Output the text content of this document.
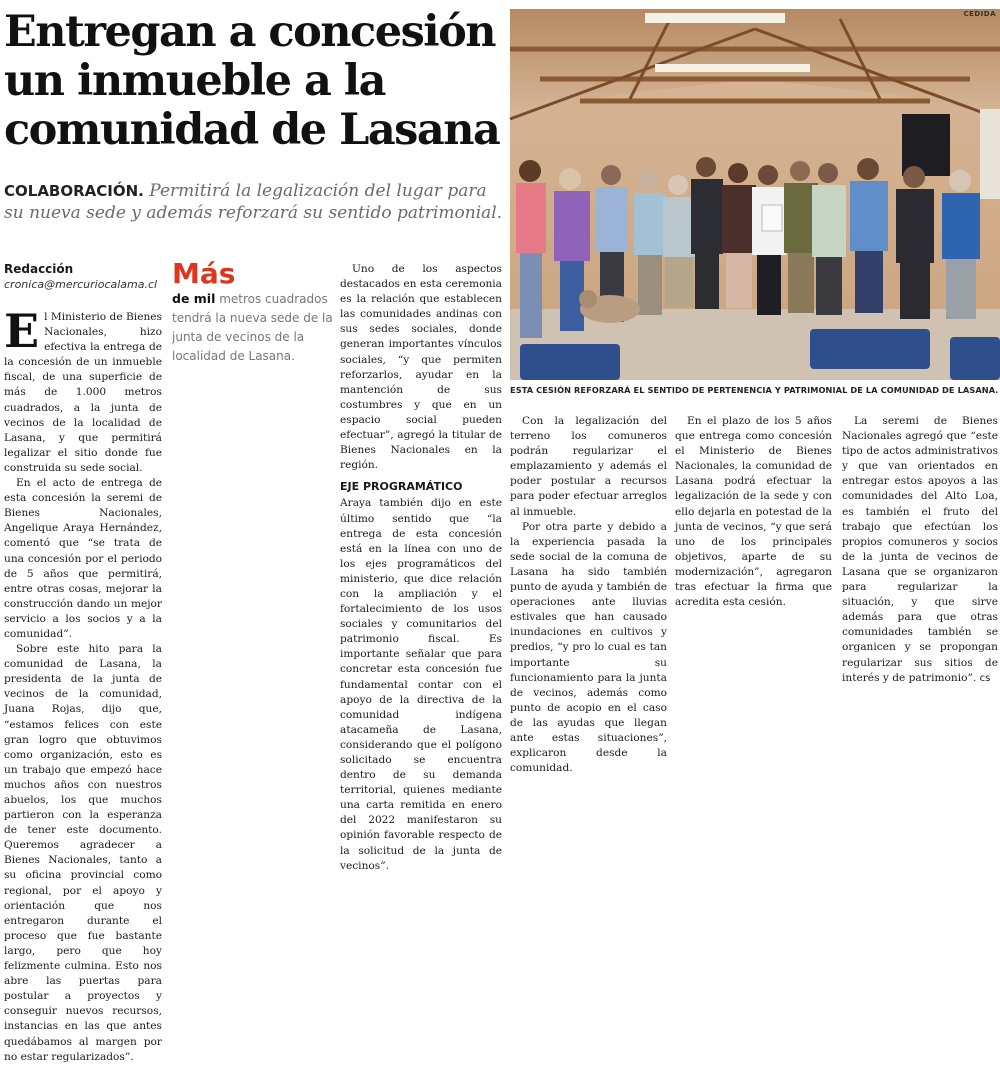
Entregan a concesión
un inmueble a la
comunidad de Lasana

COLABORACIÓN. Permitirá la legalización del lugar para su nueva sede y además reforzará su sentido patrimonial.

Redacción
cronica@mercuriocalama.cl Más
de mil metros cuadrados tendrá la nueva sede de la junta de vecinos de la localidad de Lasana.
CEDIDA
ESTA CESIÓN REFORZARÁ EL SENTIDO DE PERTENENCIA Y PATRIMONIAL DE LA COMUNIDAD DE LASANA.

El Ministerio de Bienes Nacionales, hizo efectiva la entrega de la concesión de un inmueble fiscal, de una superficie de más de 1.000 metros cuadrados, a la junta de vecinos de la localidad de Lasana, y que permitirá legalizar el sitio donde fue construida su sede social.

En el acto de entrega de esta concesión la seremi de Bienes Nacionales, Angelique Araya Hernández, comentó que “se trata de una concesión por el periodo de 5 años que permitirá, entre otras cosas, mejorar la construcción dando un mejor servicio a los socios y a la comunidad”.

Sobre este hito para la comunidad de Lasana, la presidenta de la junta de vecinos de la comunidad, Juana Rojas, dijo que, “estamos felices con este gran logro que obtuvimos como organización, esto es un trabajo que empezó hace muchos años con nuestros abuelos, los que muchos partieron con la esperanza de tener este documento. Queremos agradecer a Bienes Nacionales, tanto a su oficina provincial como regional, por el apoyo y orientación que nos entregaron durante el proceso que fue bastante largo, pero que hoy felizmente culmina. Esto nos abre las puertas para postular a proyectos y conseguir nuevos recursos, instancias en las que antes quedábamos al margen por no estar regularizados”.

Uno de los aspectos destacados en esta ceremonia es la relación que establecen las comunidades andinas con sus sedes sociales, donde generan importantes vínculos sociales, “y que permiten reforzarlos, ayudar en la mantención de sus costumbres y que en un espacio social pueden efectuar”, agregó la titular de Bienes Nacionales en la región.

EJE PROGRAMÁTICO

Araya también dijo en este último sentido que “la entrega de esta concesión está en la línea con uno de los ejes programáticos del ministerio, que dice relación con la ampliación y el fortalecimiento de los usos sociales y comunitarios del patrimonio fiscal. Es importante señalar que para concretar esta concesión fue fundamental contar con el apoyo de la directiva de la comunidad indígena atacameña de Lasana, considerando que el polígono solicitado se encuentra dentro de su demanda territorial, quienes mediante una carta remitida en enero del 2022 manifestaron su opinión favorable respecto de la solicitud de la junta de vecinos”.

Con la legalización del terreno los comuneros podrán regularizar el emplazamiento y además el poder postular a recursos para poder efectuar arreglos al inmueble.

Por otra parte y debido a la experiencia pasada la sede social de la comuna de Lasana ha sido también punto de ayuda y también de operaciones ante lluvias estivales que han causado inundaciones en cultivos y predios, “y pro lo cual es tan importante su funcionamiento para la junta de vecinos, además como punto de acopio en el caso de las ayudas que llegan ante estas situaciones”, explicaron desde la comunidad.

En el plazo de los 5 años que entrega como concesión el Ministerio de Bienes Nacionales, la comunidad de Lasana podrá efectuar la legalización de la sede y con ello dejarla en potestad de la junta de vecinos, “y que será uno de los principales objetivos, aparte de su modernización”, agregaron tras efectuar la firma que acredita esta cesión.

La seremi de Bienes Nacionales agregó que “este tipo de actos administrativos y que van orientados en entregar estos apoyos a las comunidades del Alto Loa, es también el fruto del trabajo que efectúan los propios comuneros y socios de la junta de vecinos de Lasana que se organizaron para regularizar la situación, y que sirve además para que otras comunidades también se organicen y se propongan regularizar sus sitios de interés y de patrimonio”. cs
